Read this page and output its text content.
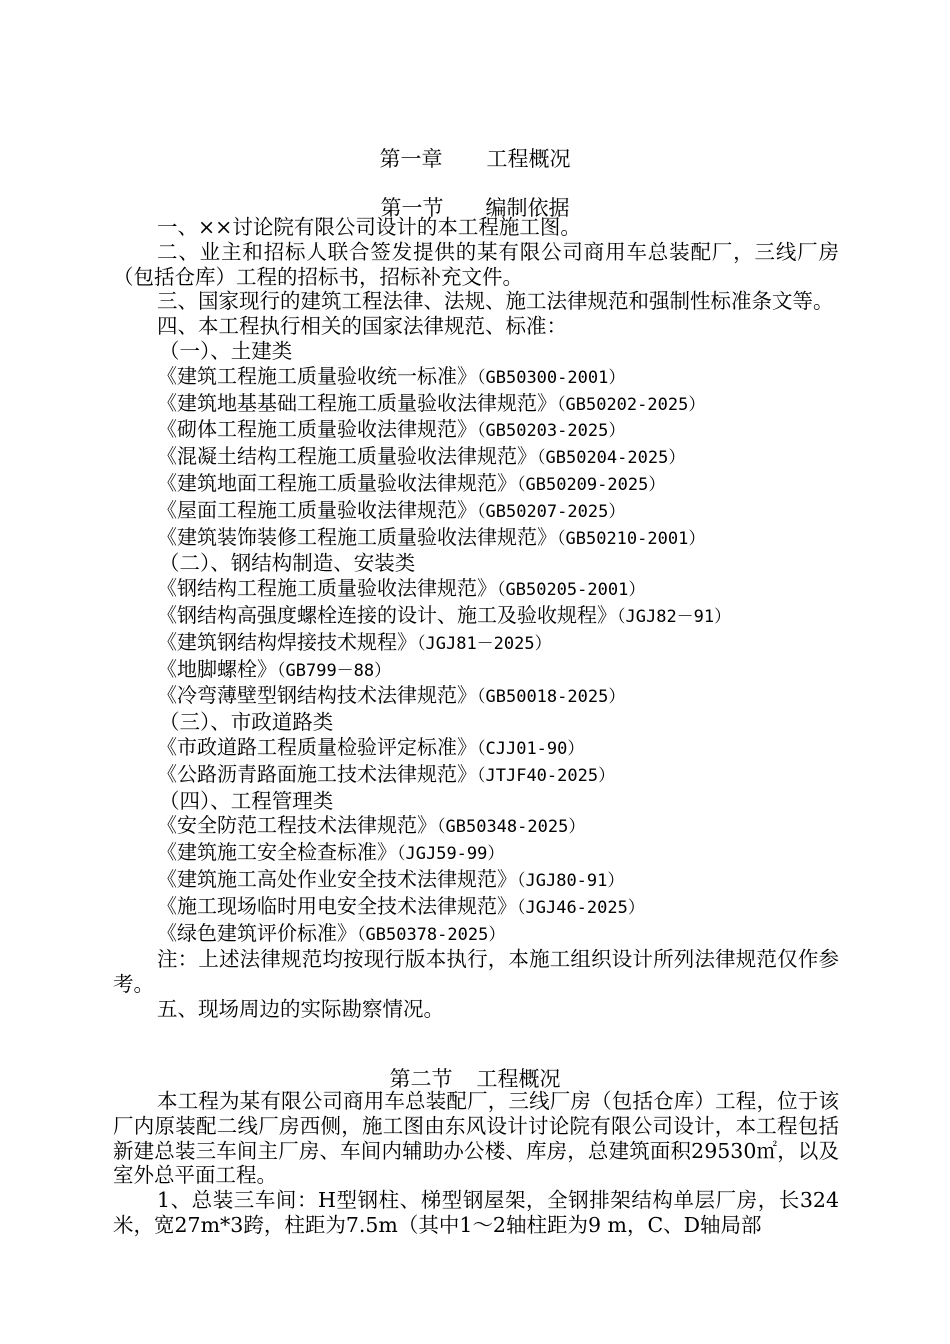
第一章 工程概况
第一节 编制依据

一、××讨论院有限公司设计的本工程施工图。

二、业主和招标人联合签发提供的某有限公司商用车总装配厂，三线厂房（包括仓库）工程的招标书，招标补充文件。

三、国家现行的建筑工程法律、法规、施工法律规范和强制性标准条文等。

四、本工程执行相关的国家法律规范、标准：

（一）、土建类

《建筑工程施工质量验收统一标准》（GB50300-2001）

《建筑地基基础工程施工质量验收法律规范》（GB50202-2025）

《砌体工程施工质量验收法律规范》（GB50203-2025）

《混凝土结构工程施工质量验收法律规范》（GB50204-2025）

《建筑地面工程施工质量验收法律规范》（GB50209-2025）

《屋面工程施工质量验收法律规范》（GB50207-2025）

《建筑装饰装修工程施工质量验收法律规范》（GB50210-2001）

（二）、钢结构制造、安装类

《钢结构工程施工质量验收法律规范》（GB50205-2001）

《钢结构高强度螺栓连接的设计、施工及验收规程》（JGJ82－91）

《建筑钢结构焊接技术规程》（JGJ81－2025）

《地脚螺栓》（GB799－88）

《冷弯薄壁型钢结构技术法律规范》（GB50018-2025）

（三）、市政道路类

《市政道路工程质量检验评定标准》（CJJ01-90）

《公路沥青路面施工技术法律规范》（JTJF40-2025）

（四）、工程管理类

《安全防范工程技术法律规范》（GB50348-2025）

《建筑施工安全检查标准》（JGJ59-99）

《建筑施工高处作业安全技术法律规范》（JGJ80-91）

《施工现场临时用电安全技术法律规范》（JGJ46-2025）

《绿色建筑评价标准》（GB50378-2025）

注：上述法律规范均按现行版本执行，本施工组织设计所列法律规范仅作参考。

五、现场周边的实际勘察情况。

第二节 工程概况

本工程为某有限公司商用车总装配厂，三线厂房（包括仓库）工程，位于该厂内原装配二线厂房西侧，施工图由东风设计讨论院有限公司设计，本工程包括新建总装三车间主厂房、车间内辅助办公楼、库房，总建筑面积29530㎡，以及室外总平面工程。

1、总装三车间：H型钢柱、梯型钢屋架，全钢排架结构单层厂房，长324米，宽27m*3跨，柱距为7.5m（其中1～2轴柱距为9 m，C、D轴局部
